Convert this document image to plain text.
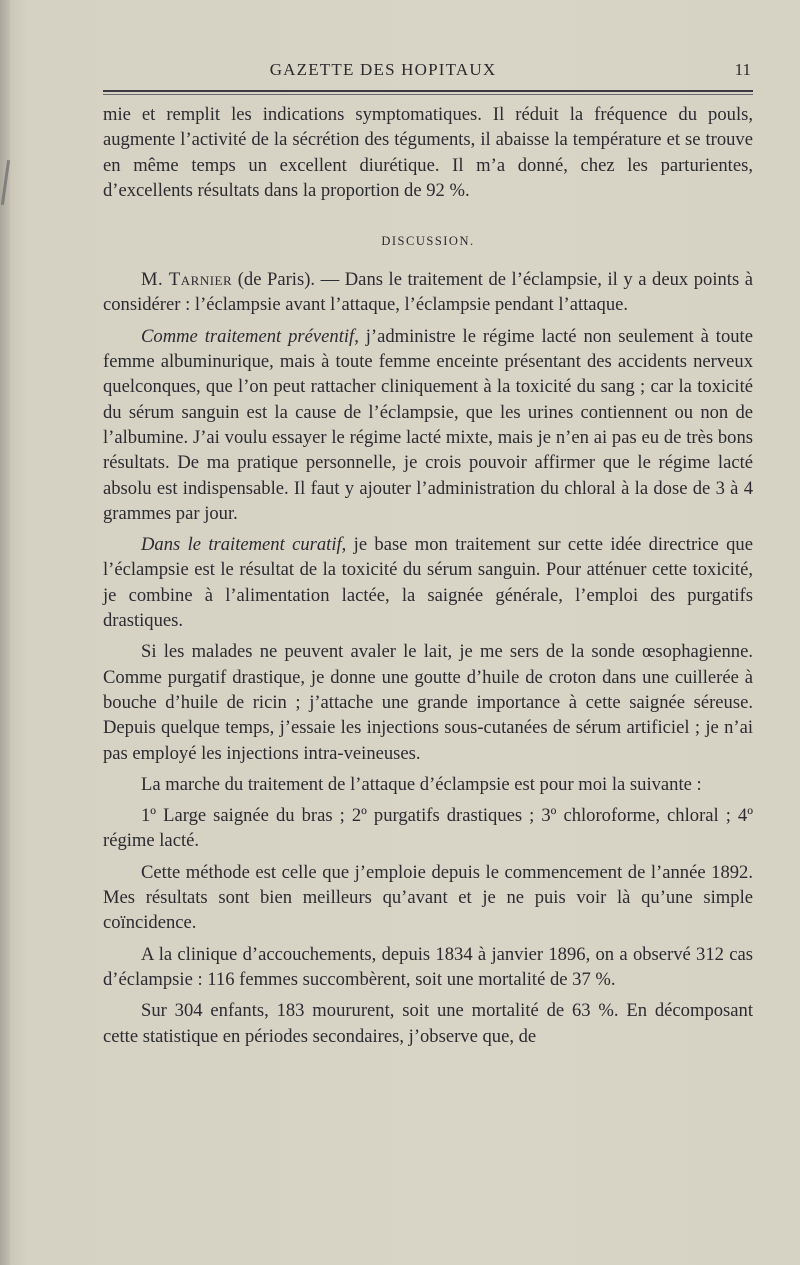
GAZETTE DES HOPITAUX	11

mie et remplit les indications symptomatiques. Il réduit la fréquence du pouls, augmente l’activité de la sécrétion des téguments, il abaisse la température et se trouve en même temps un excellent diurétique. Il m’a donné, chez les parturientes, d’excellents résultats dans la proportion de 92 %.

DISCUSSION.

M. Tarnier (de Paris). — Dans le traitement de l’éclampsie, il y a deux points à considérer : l’éclampsie avant l’attaque, l’éclampsie pendant l’attaque.

Comme traitement préventif, j’administre le régime lacté non seulement à toute femme albuminurique, mais à toute femme enceinte présentant des accidents nerveux quelconques, que l’on peut rattacher cliniquement à la toxicité du sang ; car la toxicité du sérum sanguin est la cause de l’éclampsie, que les urines contiennent ou non de l’albumine. J’ai voulu essayer le régime lacté mixte, mais je n’en ai pas eu de très bons résultats. De ma pratique personnelle, je crois pouvoir affirmer que le régime lacté absolu est indispensable. Il faut y ajouter l’administration du chloral à la dose de 3 à 4 grammes par jour.

Dans le traitement curatif, je base mon traitement sur cette idée directrice que l’éclampsie est le résultat de la toxicité du sérum sanguin. Pour atténuer cette toxicité, je combine à l’alimentation lactée, la saignée générale, l’emploi des purgatifs drastiques.

Si les malades ne peuvent avaler le lait, je me sers de la sonde œsophagienne. Comme purgatif drastique, je donne une goutte d’huile de croton dans une cuillerée à bouche d’huile de ricin ; j’attache une grande importance à cette saignée séreuse. Depuis quelque temps, j’essaie les injections sous-cutanées de sérum artificiel ; je n’ai pas employé les injections intra-veineuses.

La marche du traitement de l’attaque d’éclampsie est pour moi la suivante :

1º Large saignée du bras ; 2º purgatifs drastiques ; 3º chloroforme, chloral ; 4º régime lacté.

Cette méthode est celle que j’emploie depuis le commencement de l’année 1892. Mes résultats sont bien meilleurs qu’avant et je ne puis voir là qu’une simple coïncidence.

A la clinique d’accouchements, depuis 1834 à janvier 1896, on a observé 312 cas d’éclampsie : 116 femmes succombèrent, soit une mortalité de 37 %.

Sur 304 enfants, 183 moururent, soit une mortalité de 63 %. En décomposant cette statistique en périodes secondaires, j’observe que, de
